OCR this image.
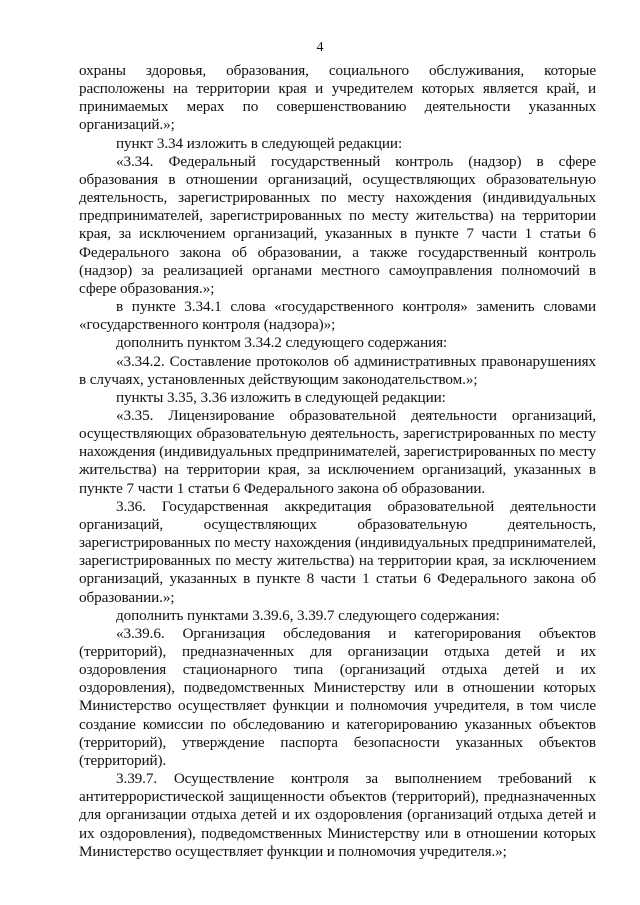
4

охраны здоровья, образования, социального обслуживания, которые расположены на территории края и учредителем которых является край, и принимаемых мерах по совершенствованию деятельности указанных организаций.»;

пункт 3.34 изложить в следующей редакции:

«3.34. Федеральный государственный контроль (надзор) в сфере образования в отношении организаций, осуществляющих образовательную деятельность, зарегистрированных по месту нахождения (индивидуальных предпринимателей, зарегистрированных по месту жительства) на территории края, за исключением организаций, указанных в пункте 7 части 1 статьи 6 Федерального закона об образовании, а также государственный контроль (надзор) за реализацией органами местного самоуправления полномочий в сфере образования.»;

в пункте 3.34.1 слова «государственного контроля» заменить словами «государственного контроля (надзора)»;

дополнить пунктом 3.34.2 следующего содержания:

«3.34.2. Составление протоколов об административных правонарушениях в случаях, установленных действующим законодательством.»;

пункты 3.35, 3.36 изложить в следующей редакции:

«3.35. Лицензирование образовательной деятельности организаций, осуществляющих образовательную деятельность, зарегистрированных по месту нахождения (индивидуальных предпринимателей, зарегистрированных по месту жительства) на территории края, за исключением организаций, указанных в пункте 7 части 1 статьи 6 Федерального закона об образовании.

3.36. Государственная аккредитация образовательной деятельности организаций, осуществляющих образовательную деятельность, зарегистрированных по месту нахождения (индивидуальных предпринимателей, зарегистрированных по месту жительства) на территории края, за исключением организаций, указанных в пункте 8 части 1 статьи 6 Федерального закона об образовании.»;

дополнить пунктами 3.39.6, 3.39.7 следующего содержания:

«3.39.6. Организация обследования и категорирования объектов (территорий), предназначенных для организации отдыха детей и их оздоровления стационарного типа (организаций отдыха детей и их оздоровления), подведомственных Министерству или в отношении которых Министерство осуществляет функции и полномочия учредителя, в том числе создание комиссии по обследованию и категорированию указанных объектов (территорий), утверждение паспорта безопасности указанных объектов (территорий).

3.39.7. Осуществление контроля за выполнением требований к антитеррористической защищенности объектов (территорий), предназначенных для организации отдыха детей и их оздоровления (организаций отдыха детей и их оздоровления), подведомственных Министерству или в отношении которых Министерство осуществляет функции и полномочия учредителя.»;
